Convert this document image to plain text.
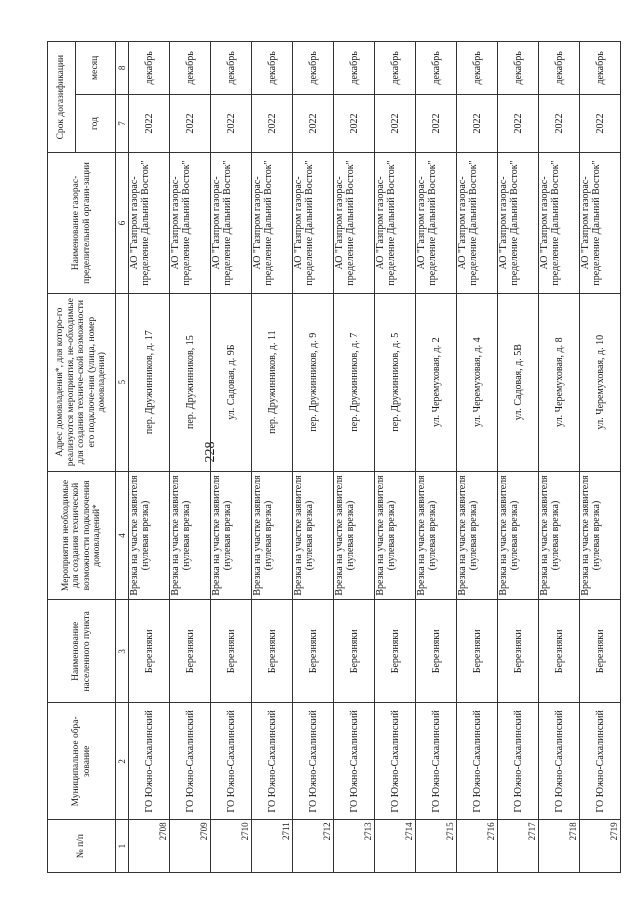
228
№ п/п	Муниципальное обра-зование	Наименование населенного пункта	Мероприятия необходимые для создания технической возможности подключения домовладений*	Адрес домовладения*, для которо-го реализуются мероприятия, не-обходимые для создания техниче-ской возможности его подключе-ния (улица, номер домовладения)	Наименование газорас-пределительной органи-зации	Срок догазификации	
						год	месяц
1	2	3	4	5	6	7	8
2708	ГО Южно-Сахалинский	Березняки	Врезка на участке заявителя (нулевая врезка)	пер. Дружинников, д. 17	АО "Газпром газорас-пределение Дальний Восток"	2022	декабрь
2709	ГО Южно-Сахалинский	Березняки	Врезка на участке заявителя (нулевая врезка)	пер. Дружинников, 15	АО "Газпром газорас-пределение Дальний Восток"	2022	декабрь
2710	ГО Южно-Сахалинский	Березняки	Врезка на участке заявителя (нулевая врезка)	ул. Садовая, д. 9Б	АО "Газпром газорас-пределение Дальний Восток"	2022	декабрь
2711	ГО Южно-Сахалинский	Березняки	Врезка на участке заявителя (нулевая врезка)	пер. Дружинников, д. 11	АО "Газпром газорас-пределение Дальний Восток"	2022	декабрь
2712	ГО Южно-Сахалинский	Березняки	Врезка на участке заявителя (нулевая врезка)	пер. Дружинников, д. 9	АО "Газпром газорас-пределение Дальний Восток"	2022	декабрь
2713	ГО Южно-Сахалинский	Березняки	Врезка на участке заявителя (нулевая врезка)	пер. Дружинников, д. 7	АО "Газпром газорас-пределение Дальний Восток"	2022	декабрь
2714	ГО Южно-Сахалинский	Березняки	Врезка на участке заявителя (нулевая врезка)	пер. Дружинников, д. 5	АО "Газпром газорас-пределение Дальний Восток"	2022	декабрь
2715	ГО Южно-Сахалинский	Березняки	Врезка на участке заявителя (нулевая врезка)	ул. Черемуховая, д. 2	АО "Газпром газорас-пределение Дальний Восток"	2022	декабрь
2716	ГО Южно-Сахалинский	Березняки	Врезка на участке заявителя (нулевая врезка)	ул. Черемуховая, д. 4	АО "Газпром газорас-пределение Дальний Восток"	2022	декабрь
2717	ГО Южно-Сахалинский	Березняки	Врезка на участке заявителя (нулевая врезка)	ул. Садовая, д. 5В	АО "Газпром газорас-пределение Дальний Восток"	2022	декабрь
2718	ГО Южно-Сахалинский	Березняки	Врезка на участке заявителя (нулевая врезка)	ул. Черемуховая, д. 8	АО "Газпром газорас-пределение Дальний Восток"	2022	декабрь
2719	ГО Южно-Сахалинский	Березняки	Врезка на участке заявителя (нулевая врезка)	ул. Черемуховая, д. 10	АО "Газпром газорас-пределение Дальний Восток"	2022	декабрь
